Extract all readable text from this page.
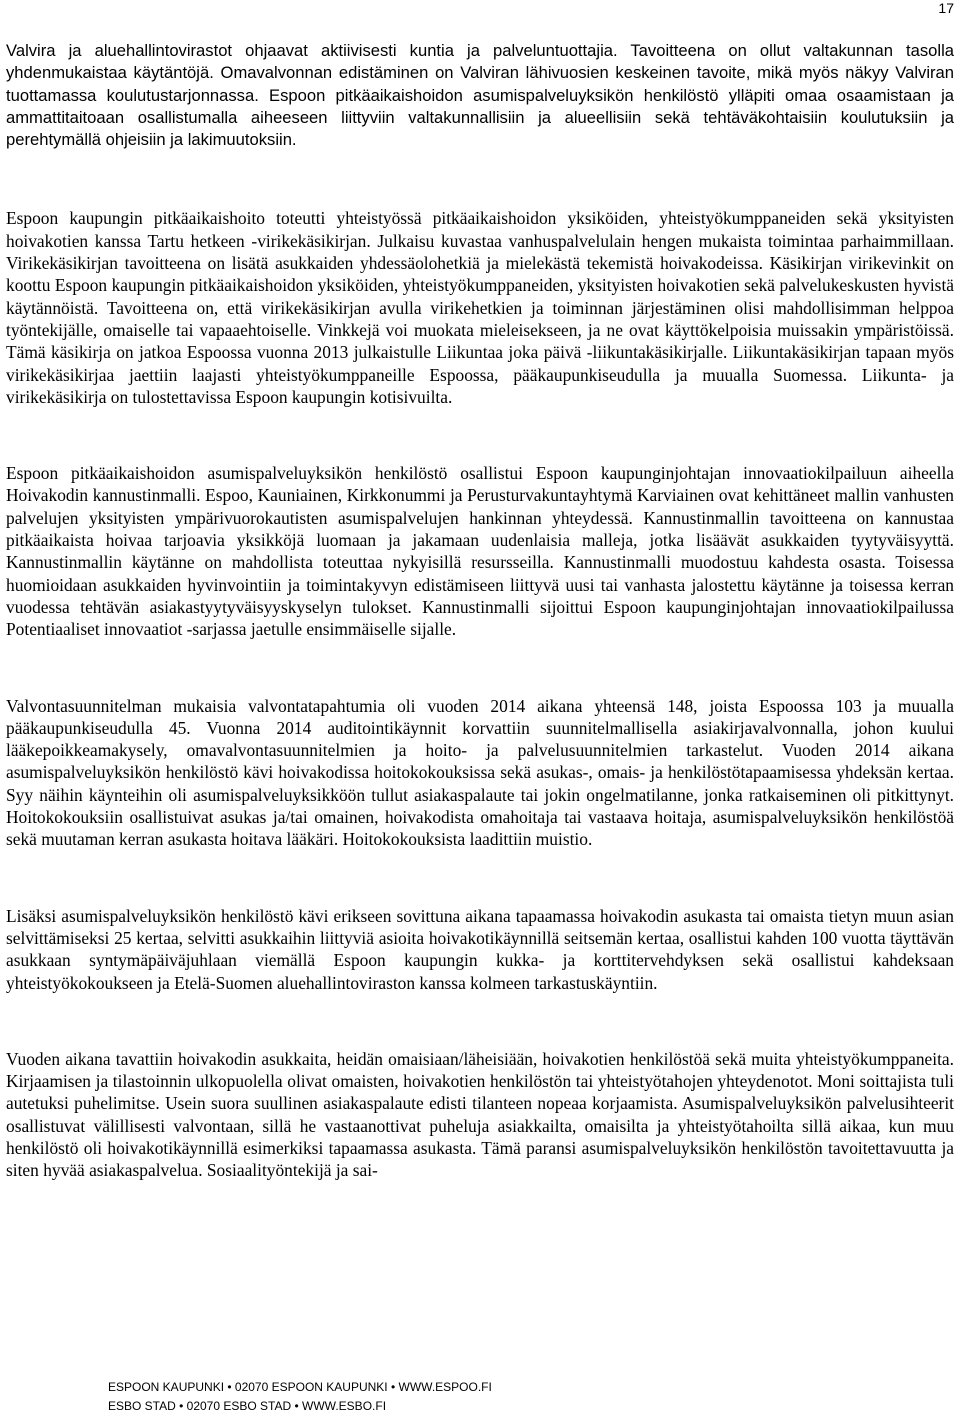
17

Valvira ja aluehallintovirastot ohjaavat aktiivisesti kuntia ja palveluntuottajia. Tavoitteena on ollut valtakunnan tasolla yhdenmukaistaa käytäntöjä. Omavalvonnan edistäminen on Valviran lähivuosien keskeinen tavoite, mikä myös näkyy Valviran tuottamassa koulutustarjonnassa. Espoon pitkäaikaishoidon asumispalveluyksikön henkilöstö ylläpiti omaa osaamistaan ja ammattitaitoaan osallistumalla aiheeseen liittyviin valtakunnallisiin ja alueellisiin sekä tehtäväkohtaisiin koulutuksiin ja perehtymällä ohjeisiin ja lakimuutoksiin.

Espoon kaupungin pitkäaikaishoito toteutti yhteistyössä pitkäaikaishoidon yksiköiden, yhteistyökumppaneiden sekä yksityisten hoivakotien kanssa Tartu hetkeen -virikekäsikirjan. Julkaisu kuvastaa vanhuspalvelulain hengen mukaista toimintaa parhaimmillaan. Virikekäsikirjan tavoitteena on lisätä asukkaiden yhdessäolohetkiä ja mielekästä tekemistä hoivakodeissa. Käsikirjan virikevinkit on koottu Espoon kaupungin pitkäaikaishoidon yksiköiden, yhteistyökumppaneiden, yksityisten hoivakotien sekä palvelukeskusten hyvistä käytännöistä. Tavoitteena on, että virikekäsikirjan avulla virikehetkien ja toiminnan järjestäminen olisi mahdollisimman helppoa työntekijälle, omaiselle tai vapaaehtoiselle. Vinkkejä voi muokata mieleisekseen, ja ne ovat käyttökelpoisia muissakin ympäristöissä. Tämä käsikirja on jatkoa Espoossa vuonna 2013 julkaistulle Liikuntaa joka päivä -liikuntakäsikirjalle. Liikuntakäsikirjan tapaan myös virikekäsikirjaa jaettiin laajasti yhteistyökumppaneille Espoossa, pääkaupunkiseudulla ja muualla Suomessa. Liikunta- ja virikekäsikirja on tulostettavissa Espoon kaupungin kotisivuilta.

Espoon pitkäaikaishoidon asumispalveluyksikön henkilöstö osallistui Espoon kaupunginjohtajan innovaatiokilpailuun aiheella Hoivakodin kannustinmalli. Espoo, Kauniainen, Kirkkonummi ja Perusturvakuntayhtymä Karviainen ovat kehittäneet mallin vanhusten palvelujen yksityisten ympärivuorokautisten asumispalvelujen hankinnan yhteydessä. Kannustinmallin tavoitteena on kannustaa pitkäaikaista hoivaa tarjoavia yksikköjä luomaan ja jakamaan uudenlaisia malleja, jotka lisäävät asukkaiden tyytyväisyyttä. Kannustinmallin käytänne on mahdollista toteuttaa nykyisillä resursseilla. Kannustinmalli muodostuu kahdesta osasta. Toisessa huomioidaan asukkaiden hyvinvointiin ja toimintakyvyn edistämiseen liittyvä uusi tai vanhasta jalostettu käytänne ja toisessa kerran vuodessa tehtävän asiakastyytyväisyyskyselyn tulokset. Kannustinmalli sijoittui Espoon kaupunginjohtajan innovaatiokilpailussa Potentiaaliset innovaatiot -sarjassa jaetulle ensimmäiselle sijalle.

Valvontasuunnitelman mukaisia valvontatapahtumia oli vuoden 2014 aikana yhteensä 148, joista Espoossa 103 ja muualla pääkaupunkiseudulla 45. Vuonna 2014 auditointikäynnit korvattiin suunnitelmallisella asiakirjavalvonnalla, johon kuului lääkepoikkeamakysely, omavalvontasuunnitelmien ja hoito- ja palvelusuunnitelmien tarkastelut. Vuoden 2014 aikana asumispalveluyksikön henkilöstö kävi hoivakodissa hoitokokouksissa sekä asukas-, omais- ja henkilöstötapaamisessa yhdeksän kertaa. Syy näihin käynteihin oli asumispalveluyksikköön tullut asiakaspalaute tai jokin ongelmatilanne, jonka ratkaiseminen oli pitkittynyt. Hoitokokouksiin osallistuivat asukas ja/tai omainen, hoivakodista omahoitaja tai vastaava hoitaja, asumispalveluyksikön henkilöstöä sekä muutaman kerran asukasta hoitava lääkäri. Hoitokokouksista laadittiin muistio.

Lisäksi asumispalveluyksikön henkilöstö kävi erikseen sovittuna aikana tapaamassa hoivakodin asukasta tai omaista tietyn muun asian selvittämiseksi 25 kertaa, selvitti asukkaihin liittyviä asioita hoivakotikäynnillä seitsemän kertaa, osallistui kahden 100 vuotta täyttävän asukkaan syntymäpäiväjuhlaan viemällä Espoon kaupungin kukka- ja korttitervehdyksen sekä osallistui kahdeksaan yhteistyökokoukseen ja Etelä-Suomen aluehallintoviraston kanssa kolmeen tarkastuskäyntiin.

Vuoden aikana tavattiin hoivakodin asukkaita, heidän omaisiaan/läheisiään, hoivakotien henkilöstöä sekä muita yhteistyökumppaneita. Kirjaamisen ja tilastoinnin ulkopuolella olivat omaisten, hoivakotien henkilöstön tai yhteistyötahojen yhteydenotot. Moni soittajista tuli autetuksi puhelimitse. Usein suora suullinen asiakaspalaute edisti tilanteen nopeaa korjaamista. Asumispalveluyksikön palvelusihteerit osallistuvat välillisesti valvontaan, sillä he vastaanottivat puheluja asiakkailta, omaisilta ja yhteistyötahoilta sillä aikaa, kun muu henkilöstö oli hoivakotikäynnillä esimerkiksi tapaamassa asukasta. Tämä paransi asumispalveluyksikön henkilöstön tavoitettavuutta ja siten hyvää asiakaspalvelua. Sosiaalityöntekijä ja sai-

ESPOON KAUPUNKI • 02070 ESPOON KAUPUNKI • WWW.ESPOO.FI
ESBO STAD • 02070 ESBO STAD • WWW.ESBO.FI
